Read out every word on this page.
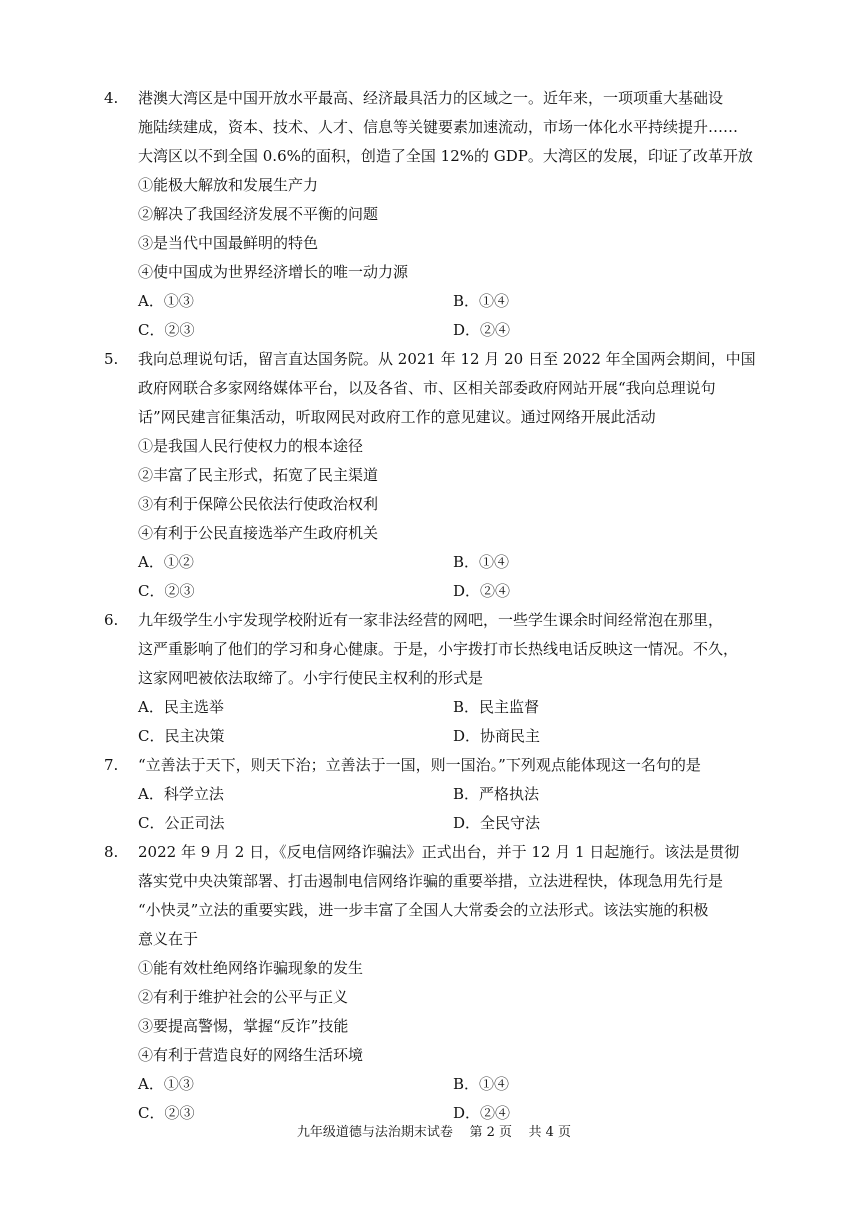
4.	港澳大湾区是中国开放水平最高、经济最具活力的区域之一。近年来，一项项重大基础设

施陆续建成，资本、技术、人才、信息等关键要素加速流动，市场一体化水平持续提升……

大湾区以不到全国 0.6%的面积，创造了全国 12%的 GDP。大湾区的发展，印证了改革开放

①能极大解放和发展生产力

②解决了我国经济发展不平衡的问题

③是当代中国最鲜明的特色

④使中国成为世界经济增长的唯一动力源

A．①③	B．①④
C．②③	D．②④
5.	我向总理说句话，留言直达国务院。从 2021 年 12 月 20 日至 2022 年全国两会期间，中国

政府网联合多家网络媒体平台，以及各省、市、区相关部委政府网站开展“我向总理说句

话”网民建言征集活动，听取网民对政府工作的意见建议。通过网络开展此活动

①是我国人民行使权力的根本途径

②丰富了民主形式，拓宽了民主渠道

③有利于保障公民依法行使政治权利

④有利于公民直接选举产生政府机关

A．①②	B．①④
C．②③	D．②④
6.	九年级学生小宇发现学校附近有一家非法经营的网吧，一些学生课余时间经常泡在那里，

这严重影响了他们的学习和身心健康。于是，小宇拨打市长热线电话反映这一情况。不久，

这家网吧被依法取缔了。小宇行使民主权利的形式是

A．民主选举	B．民主监督
C．民主决策	D．协商民主
7.	“立善法于天下，则天下治；立善法于一国，则一国治。”下列观点能体现这一名句的是

A．科学立法	B．严格执法
C．公正司法	D．全民守法
8.	2022 年 9 月 2 日，《反电信网络诈骗法》正式出台，并于 12 月 1 日起施行。该法是贯彻

落实党中央决策部署、打击遏制电信网络诈骗的重要举措，立法进程快，体现急用先行是

“小快灵”立法的重要实践，进一步丰富了全国人大常委会的立法形式。该法实施的积极

意义在于

①能有效杜绝网络诈骗现象的发生

②有利于维护社会的公平与正义

③要提高警惕，掌握“反诈”技能

④有利于营造良好的网络生活环境

A．①③	B．①④
C．②③	D．②④
九年级道德与法治期末试卷    第 2 页    共 4 页
